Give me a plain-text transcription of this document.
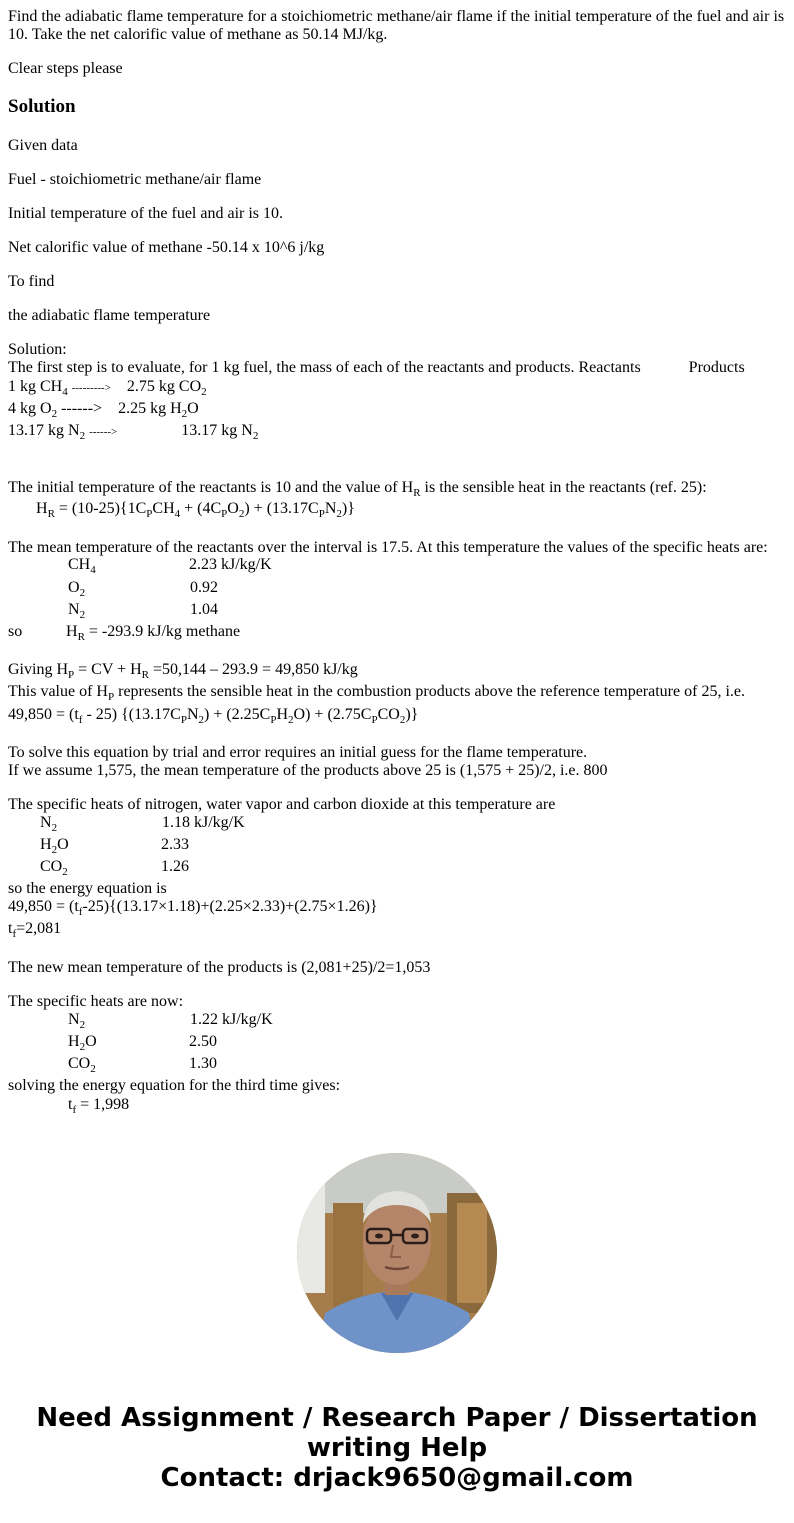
Find the adiabatic flame temperature for a stoichiometric methane/air flame if the initial temperature of the fuel and air is 10. Take the net calorific value of methane as 50.14 MJ/kg.
Clear steps please
Solution
Given data
Fuel - stoichiometric methane/air flame
Initial temperature of the fuel and air is 10.
Net calorific value of methane -50.14 x 10^6 j/kg
To find
the adiabatic flame temperature
Solution:
The first step is to evaluate, for 1 kg fuel, the mass of each of the reactants and products. Reactants	Products
1 kg $CH_4$ ---------> 2.75 kg $CO_2$
4 kg $O_2$ ------> 2.25 kg $H_2O$
13.17 kg $N_2$ ------>	13.17 kg $N_2$
The initial temperature of the reactants is 10 and the value of $H_R$ is the sensible heat in the reactants (ref. 25):
$H_R = (10-25)\{1C_PCH_4 + (4C_PO_2) + (13.17C_PN_2)\}$
The mean temperature of the reactants over the interval is 17.5. At this temperature the values of the specific heats are:
$CH_4$	2.23 kJ/kg/K
$O_2$	0.92
$N_2$	1.04
so	$H_R = -293.9$ kJ/kg methane
Giving $H_P$ = CV + $H_R =50,144 - 293.9 = 49,850$ kJ/kg
This value of $H_P$ represents the sensible heat in the combustion products above the reference temperature of 25, i.e.
$49,850 = (t_f - 25) \{(13.17C_PN_2) + (2.25C_PH_2O) + (2.75C_PCO_2)\}$
To solve this equation by trial and error requires an initial guess for the flame temperature.
If we assume 1,575, the mean temperature of the products above 25 is (1,575 + 25)/2, i.e. 800
The specific heats of nitrogen, water vapor and carbon dioxide at this temperature are
$N_2$	1.18 kJ/kg/K
$H_2O$	2.33
$CO_2$	1.26
so the energy equation is
$49,850 = (t_f-25)\{(13.17\times 1.18)+(2.25\times 2.33)+(2.75\times 1.26)\}$
$t_f=2,081$
The new mean temperature of the products is (2,081+25)/2=1,053
The specific heats are now:
$N_2$	1.22 kJ/kg/K
$H_2O$	2.50
$CO_2$	1.30
solving the energy equation for the third time gives:
$t_f = 1,998$
Need Assignment / Research Paper / Dissertation
writing Help
Contact: drjack9650@gmail.com
